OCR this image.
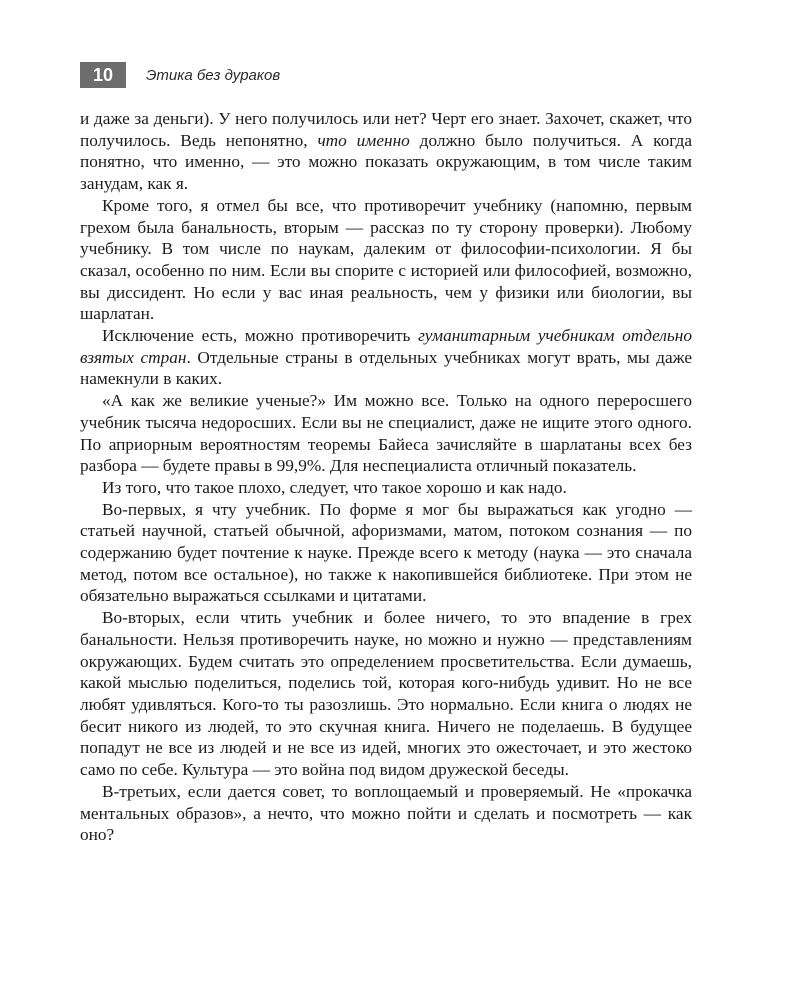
10	Этика без дураков

и даже за деньги). У него получилось или нет? Черт его знает. Захочет, скажет, что получилось. Ведь непонятно, что именно должно было получиться. А когда понятно, что именно, — это можно показать окружающим, в том числе таким занудам, как я.

Кроме того, я отмел бы все, что противоречит учебнику (напомню, первым грехом была банальность, вторым — рассказ по ту сторону проверки). Любому учебнику. В том числе по наукам, далеким от философии-психологии. Я бы сказал, особенно по ним. Если вы спорите с историей или философией, возможно, вы диссидент. Но если у вас иная реальность, чем у физики или биологии, вы шарлатан.

Исключение есть, можно противоречить гуманитарным учебникам отдельно взятых стран. Отдельные страны в отдельных учебниках могут врать, мы даже намекнули в каких.

«А как же великие ученые?» Им можно все. Только на одного переросшего учебник тысяча недоросших. Если вы не специалист, даже не ищите этого одного. По априорным вероятностям теоремы Байеса зачисляйте в шарлатаны всех без разбора — будете правы в 99,9%. Для неспециалиста отличный показатель.

Из того, что такое плохо, следует, что такое хорошо и как надо.

Во-первых, я чту учебник. По форме я мог бы выражаться как угодно — статьей научной, статьей обычной, афоризмами, матом, потоком сознания — по содержанию будет почтение к науке. Прежде всего к методу (наука — это сначала метод, потом все остальное), но также к накопившейся библиотеке. При этом не обязательно выражаться ссылками и цитатами.

Во-вторых, если чтить учебник и более ничего, то это впадение в грех банальности. Нельзя противоречить науке, но можно и нужно — представлениям окружающих. Будем считать это определением просветительства. Если думаешь, какой мыслью поделиться, поделись той, которая кого-нибудь удивит. Но не все любят удивляться. Кого-то ты разозлишь. Это нормально. Если книга о людях не бесит никого из людей, то это скучная книга. Ничего не поделаешь. В будущее попадут не все из людей и не все из идей, многих это ожесточает, и это жестоко само по себе. Культура — это война под видом дружеской беседы.

В-третьих, если дается совет, то воплощаемый и проверяемый. Не «прокачка ментальных образов», а нечто, что можно пойти и сделать и посмотреть — как оно?
